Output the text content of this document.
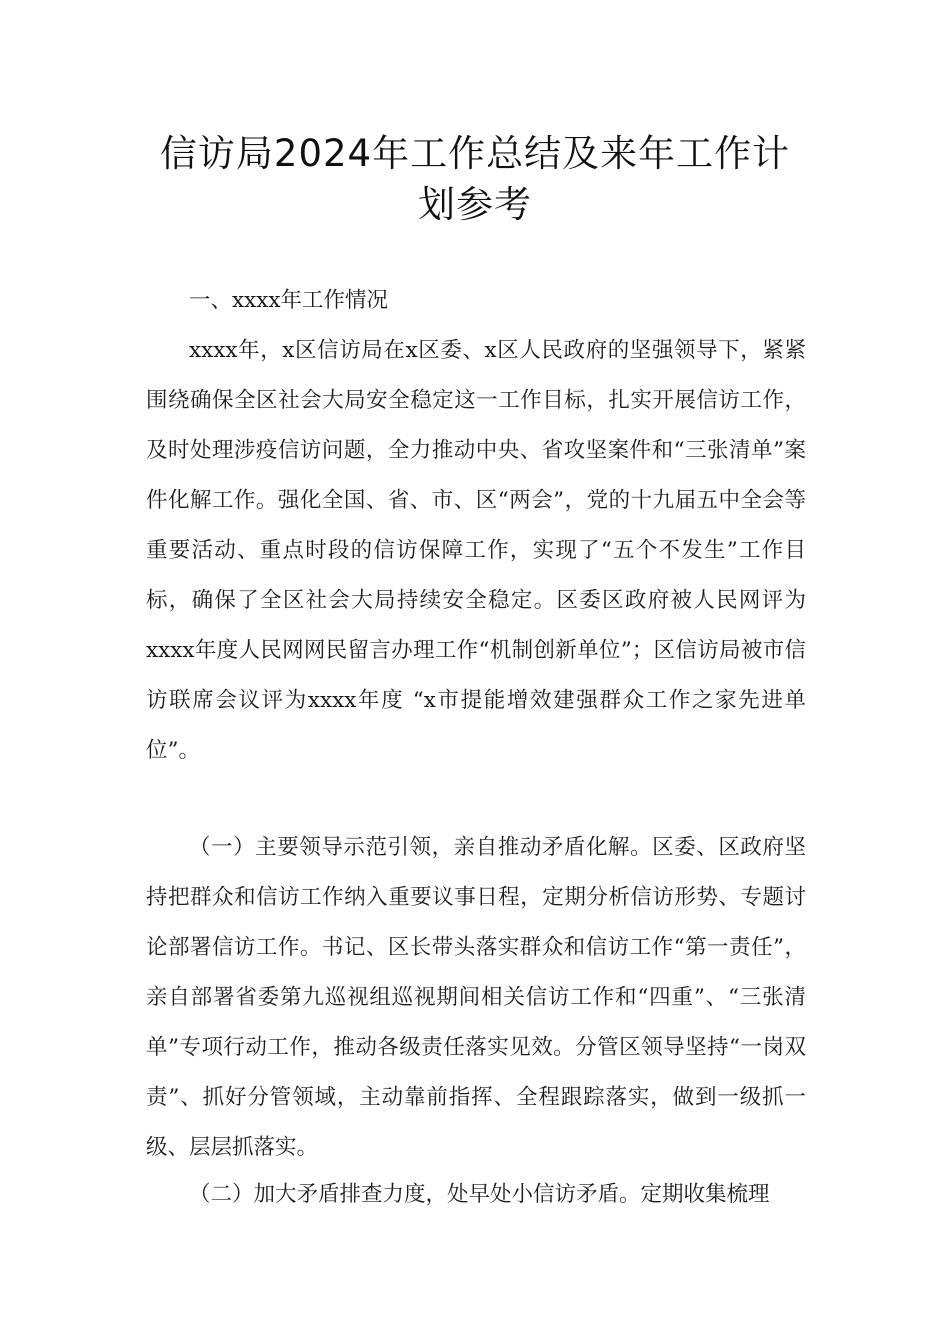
信访局2024年工作总结及来年工作计
划参考

一、xxxx年工作情况

xxxx年，x区信访局在x区委、x区人民政府的坚强领导下，紧紧围绕确保全区社会大局安全稳定这一工作目标，扎实开展信访工作，及时处理涉疫信访问题，全力推动中央、省攻坚案件和“三张清单”案件化解工作。强化全国、省、市、区“两会”，党的十九届五中全会等重要活动、重点时段的信访保障工作，实现了“五个不发生”工作目标，确保了全区社会大局持续安全稳定。区委区政府被人民网评为xxxx年度人民网网民留言办理工作“机制创新单位”；区信访局被市信访联席会议评为xxxx年度 “x市提能增效建强群众工作之家先进单位”。

（一）主要领导示范引领，亲自推动矛盾化解。区委、区政府坚持把群众和信访工作纳入重要议事日程，定期分析信访形势、专题讨论部署信访工作。书记、区长带头落实群众和信访工作“第一责任”，亲自部署省委第九巡视组巡视期间相关信访工作和“四重”、“三张清单”专项行动工作，推动各级责任落实见效。分管区领导坚持“一岗双责”、抓好分管领域，主动靠前指挥、全程跟踪落实，做到一级抓一级、层层抓落实。

（二）加大矛盾排查力度，处早处小信访矛盾。定期收集梳理
